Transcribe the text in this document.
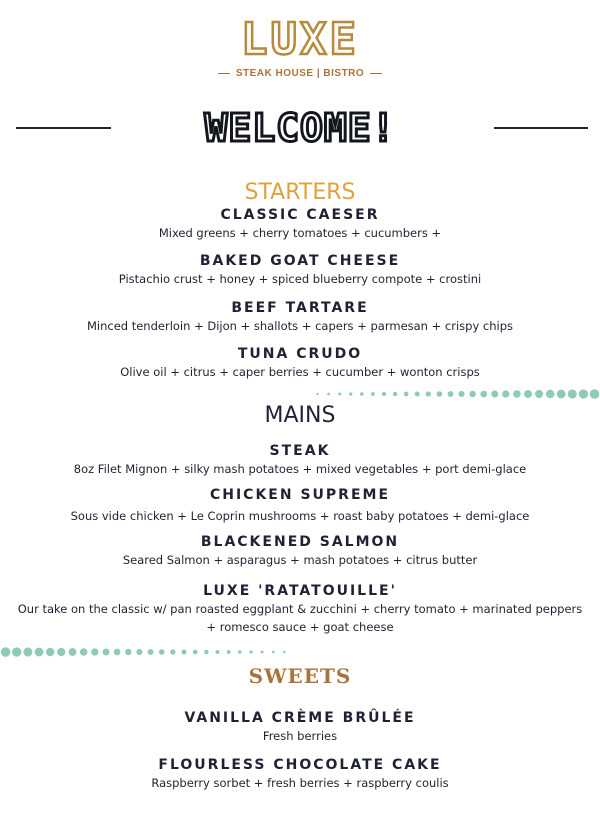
LUXE
STEAK HOUSE | BISTRO
WELCOME!
STARTERS
CLASSIC CAESER
Mixed greens + cherry tomatoes + cucumbers +
BAKED GOAT CHEESE
Pistachio crust + honey + spiced blueberry compote + crostini
BEEF TARTARE
Minced tenderloin + Dijon + shallots + capers + parmesan + crispy chips
TUNA CRUDO
Olive oil + citrus + caper berries + cucumber + wonton crisps
MAINS
STEAK
8oz Filet Mignon + silky mash potatoes + mixed vegetables + port demi-glace
CHICKEN SUPREME
Sous vide chicken + Le Coprin mushrooms + roast baby potatoes + demi-glace
BLACKENED SALMON
Seared Salmon + asparagus + mash potatoes + citrus butter
LUXE 'RATATOUILLE'
Our take on the classic w/ pan roasted eggplant & zucchini + cherry tomato + marinated peppers
+ romesco sauce + goat cheese
SWEETS
VANILLA CRÈME BRÛLÉE
Fresh berries
FLOURLESS CHOCOLATE CAKE
Raspberry sorbet + fresh berries + raspberry coulis
